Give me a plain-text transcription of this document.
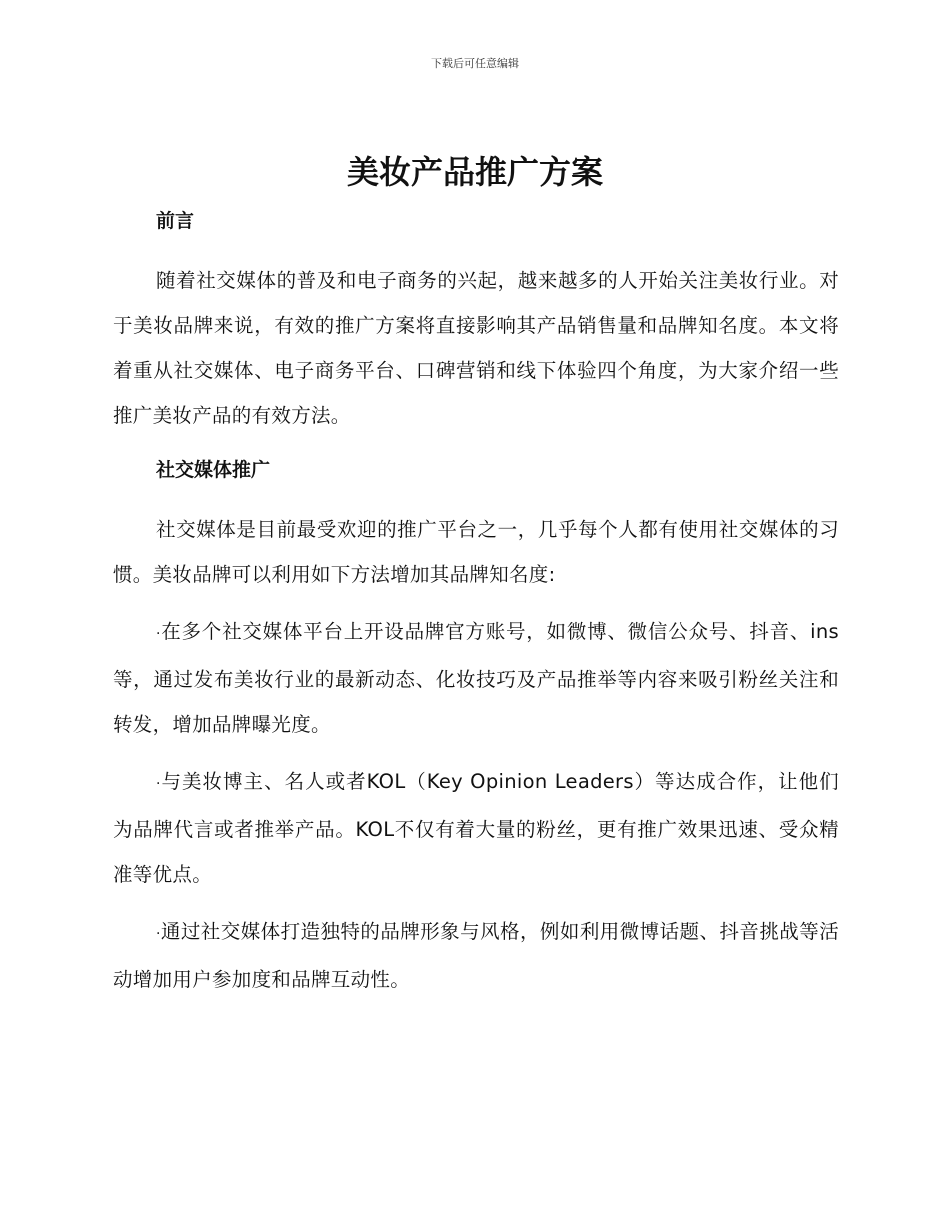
下载后可任意编辑
美妆产品推广方案

前言

随着社交媒体的普及和电子商务的兴起，越来越多的人开始关注美妆行业。对于美妆品牌来说，有效的推广方案将直接影响其产品销售量和品牌知名度。本文将着重从社交媒体、电子商务平台、口碑营销和线下体验四个角度，为大家介绍一些推广美妆产品的有效方法。

社交媒体推广

社交媒体是目前最受欢迎的推广平台之一，几乎每个人都有使用社交媒体的习惯。美妆品牌可以利用如下方法增加其品牌知名度:

·在多个社交媒体平台上开设品牌官方账号，如微博、微信公众号、抖音、ins等，通过发布美妆行业的最新动态、化妆技巧及产品推举等内容来吸引粉丝关注和转发，增加品牌曝光度。

·与美妆博主、名人或者KOL（Key Opinion Leaders）等达成合作，让他们为品牌代言或者推举产品。KOL不仅有着大量的粉丝，更有推广效果迅速、受众精准等优点。

·通过社交媒体打造独特的品牌形象与风格，例如利用微博话题、抖音挑战等活动增加用户参加度和品牌互动性。
